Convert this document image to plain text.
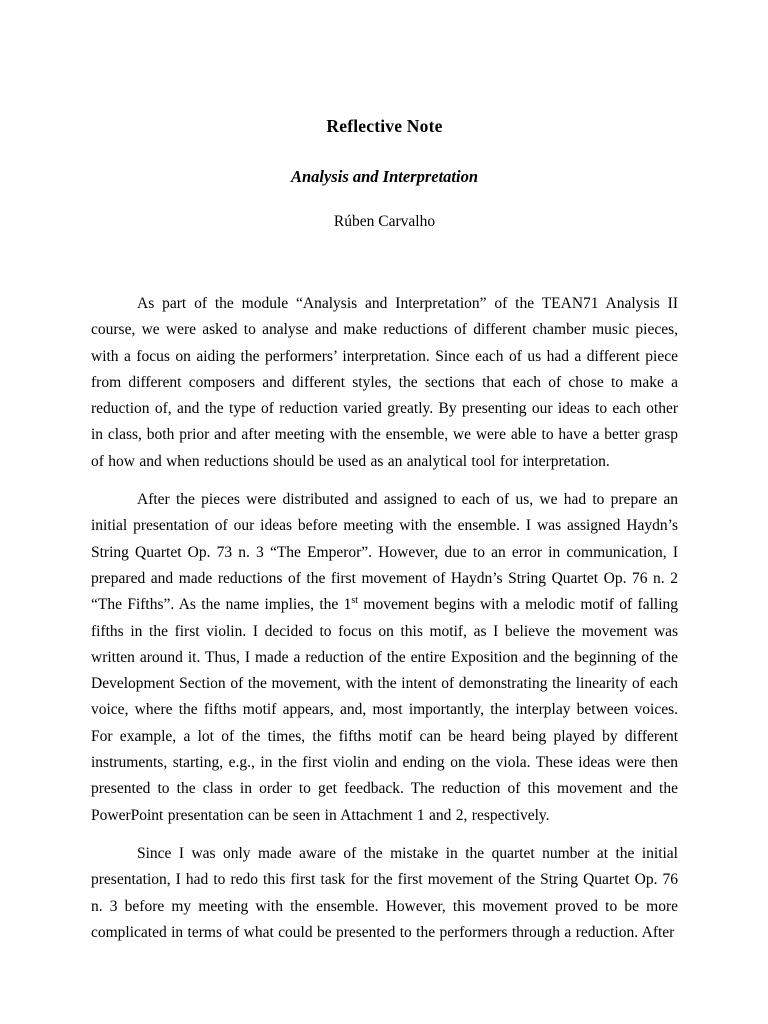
Reflective Note
Analysis and Interpretation
Rúben Carvalho

As part of the module “Analysis and Interpretation” of the TEAN71 Analysis II course, we were asked to analyse and make reductions of different chamber music pieces, with a focus on aiding the performers’ interpretation. Since each of us had a different piece from different composers and different styles, the sections that each of chose to make a reduction of, and the type of reduction varied greatly. By presenting our ideas to each other in class, both prior and after meeting with the ensemble, we were able to have a better grasp of how and when reductions should be used as an analytical tool for interpretation.

After the pieces were distributed and assigned to each of us, we had to prepare an initial presentation of our ideas before meeting with the ensemble. I was assigned Haydn’s String Quartet Op. 73 n. 3 “The Emperor”. However, due to an error in communication, I prepared and made reductions of the first movement of Haydn’s String Quartet Op. 76 n. 2 “The Fifths”. As the name implies, the 1st movement begins with a melodic motif of falling fifths in the first violin. I decided to focus on this motif, as I believe the movement was written around it. Thus, I made a reduction of the entire Exposition and the beginning of the Development Section of the movement, with the intent of demonstrating the linearity of each voice, where the fifths motif appears, and, most importantly, the interplay between voices. For example, a lot of the times, the fifths motif can be heard being played by different instruments, starting, e.g., in the first violin and ending on the viola. These ideas were then presented to the class in order to get feedback. The reduction of this movement and the PowerPoint presentation can be seen in Attachment 1 and 2, respectively.

Since I was only made aware of the mistake in the quartet number at the initial presentation, I had to redo this first task for the first movement of the String Quartet Op. 76 n. 3 before my meeting with the ensemble. However, this movement proved to be more complicated in terms of what could be presented to the performers through a reduction. After
